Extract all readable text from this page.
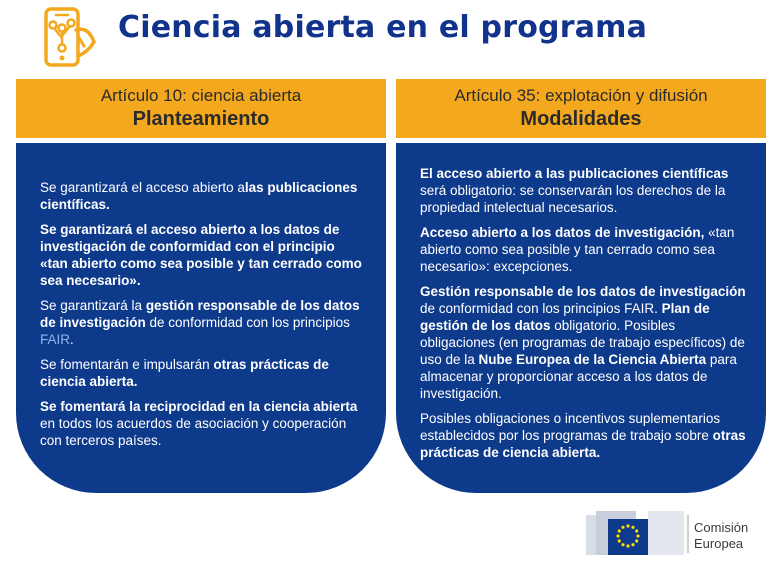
Ciencia abierta en el programa
Artículo 10: ciencia abierta
Planteamiento
Artículo 35: explotación y difusión
Modalidades

Se garantizará el acceso abierto alas publicaciones científicas.

Se garantizará el acceso abierto a los datos de investigación de conformidad con el principio «tan abierto como sea posible y tan cerrado como sea necesario».

Se garantizará la gestión responsable de los datos de investigación de conformidad con los principios FAIR.

Se fomentarán e impulsarán otras prácticas de ciencia abierta.

Se fomentará la reciprocidad en la ciencia abierta en todos los acuerdos de asociación y cooperación con terceros países.

El acceso abierto a las publicaciones científicas será obligatorio: se conservarán los derechos de la propiedad intelectual necesarios.

Acceso abierto a los datos de investigación, «tan abierto como sea posible y tan cerrado como sea necesario»: excepciones.

Gestión responsable de los datos de investigación de conformidad con los principios FAIR. Plan de gestión de los datos obligatorio. Posibles obligaciones (en programas de trabajo específicos) de uso de la Nube Europea de la Ciencia Abierta para almacenar y proporcionar acceso a los datos de investigación.

Posibles obligaciones o incentivos suplementarios establecidos por los programas de trabajo sobre otras prácticas de ciencia abierta.

Comisión
Europea
